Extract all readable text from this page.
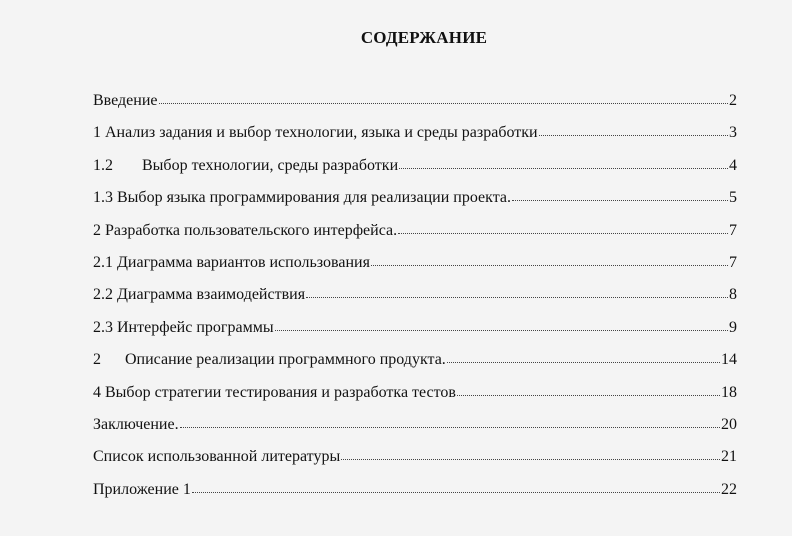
СОДЕРЖАНИЕ
Введение	2
1 Анализ задания и выбор технологии, языка и среды разработки	3
1.2	Выбор технологии, среды разработки	4
1.3 Выбор языка программирования для реализации проекта.	5
2 Разработка пользовательского интерфейса.	7
2.1 Диаграмма вариантов использования	7
2.2 Диаграмма взаимодействия	8
2.3 Интерфейс программы	9
2	Описание реализации программного продукта.	14
4 Выбор стратегии тестирования и разработка тестов	18
Заключение.	20
Список использованной литературы	21
Приложение 1	22
